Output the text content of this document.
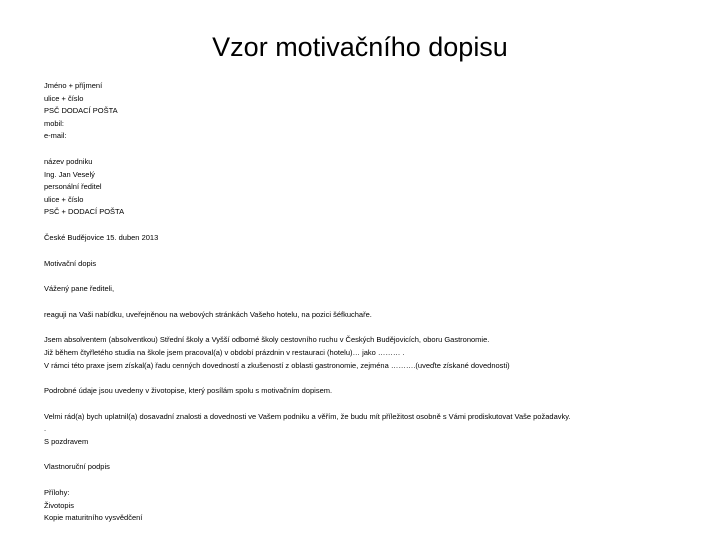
Vzor motivačního dopisu
Jméno + příjmení
ulice + číslo
PSČ DODACÍ POŠTA
mobil:
e-mail:
název podniku
Ing. Jan Veselý
personální ředitel
ulice + číslo
PSČ + DODACÍ POŠTA
České Budějovice 15. duben 2013
Motivační dopis
Vážený pane řediteli,
reaguji na Vaši nabídku, uveřejněnou na webových stránkách Vašeho hotelu, na pozici šéfkuchaře.
Jsem absolventem (absolventkou) Střední školy a Vyšší odborné školy cestovního ruchu v Českých Budějovicích, oboru Gastronomie.
Již během čtyřletého studia na škole jsem pracoval(a) v období prázdnin v restauraci (hotelu)… jako ……… .
V rámci této praxe jsem získal(a) řadu cenných dovedností a zkušeností z oblasti gastronomie, zejména ……….(uveďte získané dovednosti)
Podrobné údaje jsou uvedeny v životopise, který posílám spolu s motivačním dopisem.
Velmi rád(a) bych uplatnil(a) dosavadní znalosti a dovednosti ve Vašem podniku a věřím, že budu mít příležitost osobně s Vámi prodiskutovat Vaše požadavky.
.
S pozdravem
Vlastnoruční podpis
Přílohy:
Životopis
Kopie maturitního vysvědčení
